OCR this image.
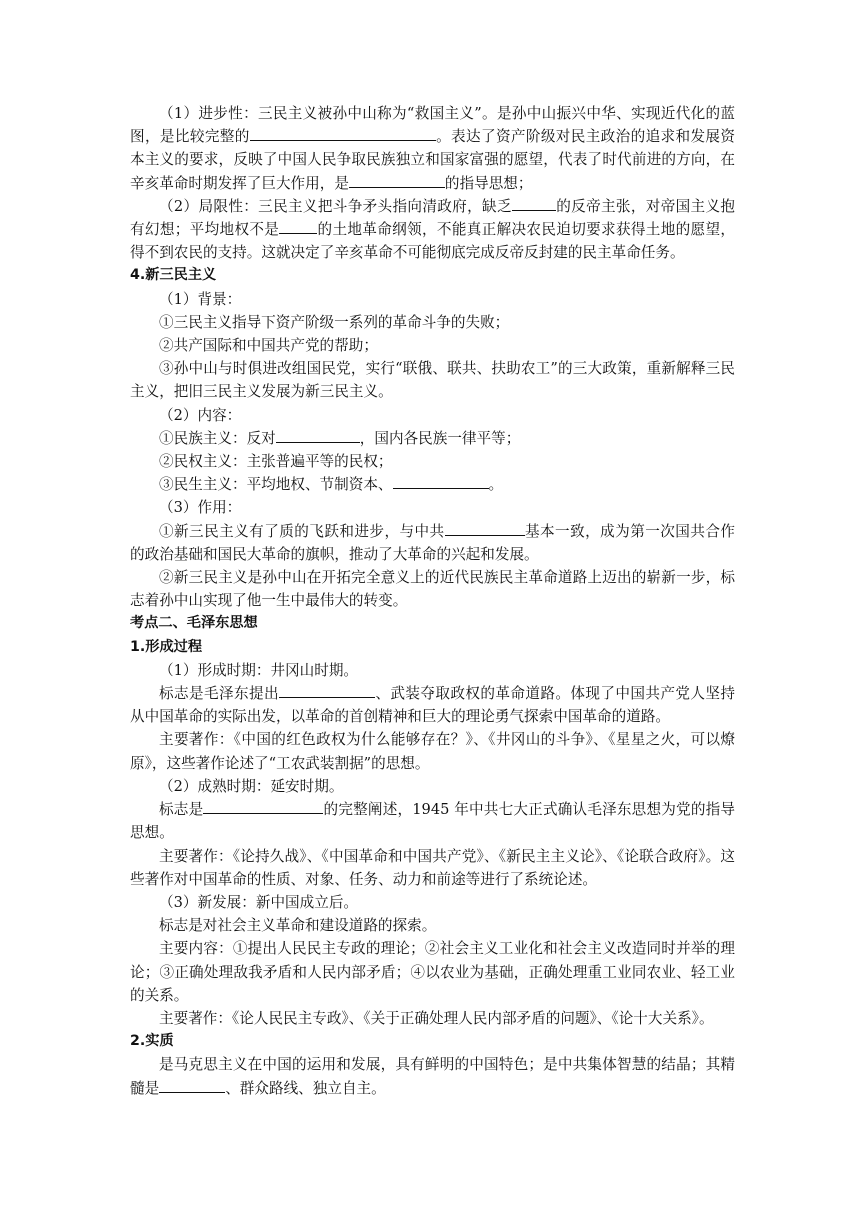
（1）进步性：三民主义被孙中山称为“救国主义”。是孙中山振兴中华、实现近代化的蓝图，是比较完整的	。表达了资产阶级对民主政治的追求和发展资本主义的要求，反映了中国人民争取民族独立和国家富强的愿望，代表了时代前进的方向，在辛亥革命时期发挥了巨大作用，是	的指导思想；

（2）局限性：三民主义把斗争矛头指向清政府，缺乏	的反帝主张，对帝国主义抱有幻想；平均地权不是	的土地革命纲领，不能真正解决农民迫切要求获得土地的愿望，得不到农民的支持。这就决定了辛亥革命不可能彻底完成反帝反封建的民主革命任务。

4.新三民主义

（1）背景：

①三民主义指导下资产阶级一系列的革命斗争的失败；

②共产国际和中国共产党的帮助；

③孙中山与时俱进改组国民党，实行“联俄、联共、扶助农工”的三大政策，重新解释三民主义，把旧三民主义发展为新三民主义。

（2）内容：

①民族主义：反对	，国内各民族一律平等；

②民权主义：主张普遍平等的民权；

③民生主义：平均地权、节制资本、	。

（3）作用：

①新三民主义有了质的飞跃和进步，与中共	基本一致，成为第一次国共合作的政治基础和国民大革命的旗帜，推动了大革命的兴起和发展。

②新三民主义是孙中山在开拓完全意义上的近代民族民主革命道路上迈出的崭新一步，标志着孙中山实现了他一生中最伟大的转变。

考点二、毛泽东思想

1.形成过程

（1）形成时期：井冈山时期。

标志是毛泽东提出	、武装夺取政权的革命道路。体现了中国共产党人坚持从中国革命的实际出发，以革命的首创精神和巨大的理论勇气探索中国革命的道路。

主要著作：《中国的红色政权为什么能够存在？》、《井冈山的斗争》、《星星之火，可以燎原》，这些著作论述了“工农武装割据”的思想。

（2）成熟时期：延安时期。

标志是	的完整阐述，1945 年中共七大正式确认毛泽东思想为党的指导思想。

主要著作：《论持久战》、《中国革命和中国共产党》、《新民主主义论》、《论联合政府》。这些著作对中国革命的性质、对象、任务、动力和前途等进行了系统论述。

（3）新发展：新中国成立后。

标志是对社会主义革命和建设道路的探索。

主要内容：①提出人民民主专政的理论；②社会主义工业化和社会主义改造同时并举的理论；③正确处理敌我矛盾和人民内部矛盾；④以农业为基础，正确处理重工业同农业、轻工业的关系。

主要著作：《论人民民主专政》、《关于正确处理人民内部矛盾的问题》、《论十大关系》。

2.实质

是马克思主义在中国的运用和发展，具有鲜明的中国特色；是中共集体智慧的结晶；其精髓是	、群众路线、独立自主。
